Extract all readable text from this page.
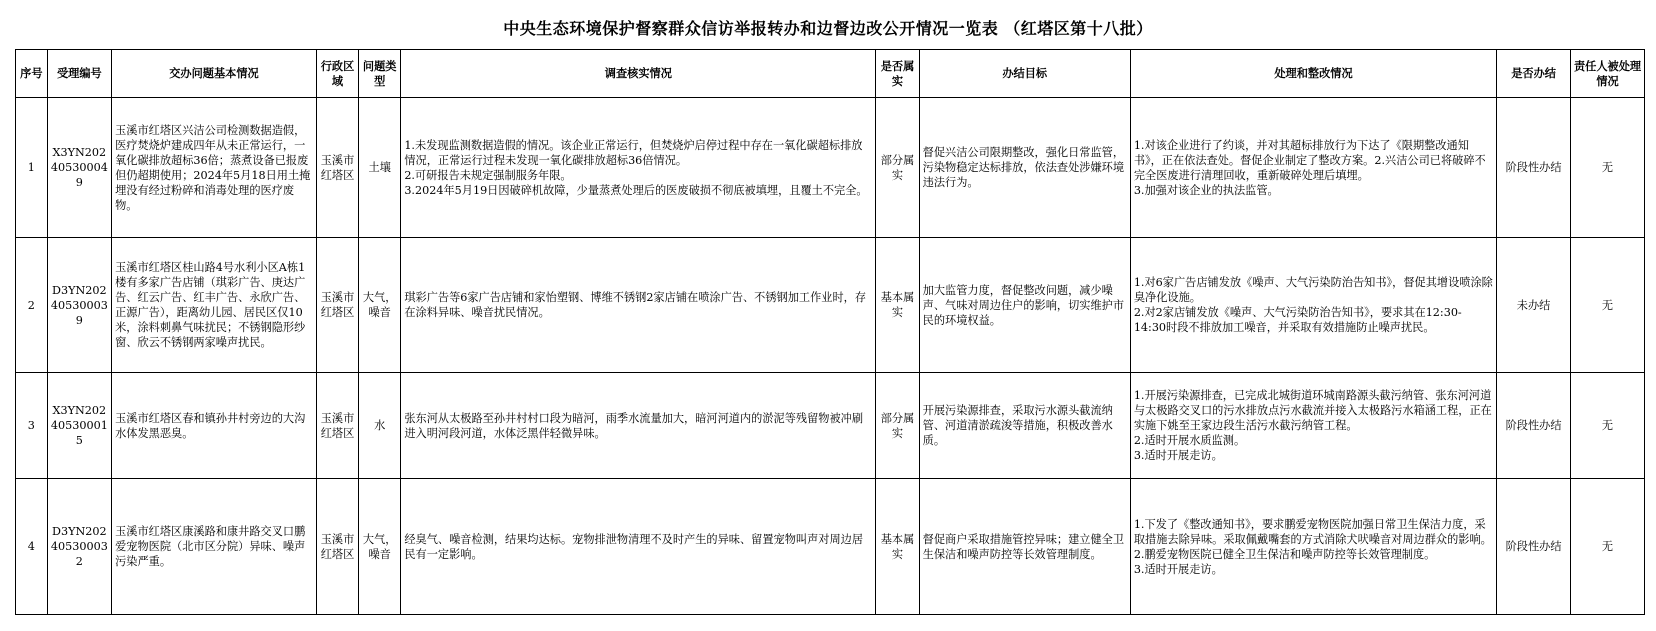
中央生态环境保护督察群众信访举报转办和边督边改公开情况一览表 （红塔区第十八批）
序号	受理编号	交办问题基本情况	行政区域	问题类型	调查核实情况	是否属实	办结目标	处理和整改情况	是否办结	责任人被处理情况
1	X3YN202405300049	玉溪市红塔区兴洁公司检测数据造假，医疗焚烧炉建成四年从未正常运行，一氧化碳排放超标36倍；蒸煮设备已报废但仍超期使用；2024年5月18日用土掩埋没有经过粉碎和消毒处理的医疗废物。	玉溪市红塔区	土壤	1.未发现监测数据造假的情况。该企业正常运行，但焚烧炉启停过程中存在一氧化碳超标排放情况，正常运行过程未发现一氧化碳排放超标36倍情况。
2.可研报告未规定强制服务年限。
3.2024年5月19日因破碎机故障，少量蒸煮处理后的医废破损不彻底被填埋，且覆土不完全。	部分属实	督促兴洁公司限期整改，强化日常监管，污染物稳定达标排放，依法查处涉嫌环境违法行为。	1.对该企业进行了约谈，并对其超标排放行为下达了《限期整改通知书》，正在依法查处。督促企业制定了整改方案。2.兴洁公司已将破碎不完全医废进行清理回收，重新破碎处理后填埋。
3.加强对该企业的执法监管。	阶段性办结	无
2	D3YN202405300039	玉溪市红塔区桂山路4号水利小区A栋1楼有多家广告店铺（琪彩广告、庚达广告、红云广告、红丰广告、永欣广告、正源广告），距离幼儿园、居民区仅10米，涂料刺鼻气味扰民；不锈钢隐形纱窗、欣云不锈钢两家噪声扰民。	玉溪市红塔区	大气，噪音	琪彩广告等6家广告店铺和家怡塑钢、博维不锈钢2家店铺在喷涂广告、不锈钢加工作业时，存在涂料异味、噪音扰民情况。	基本属实	加大监管力度，督促整改问题，减少噪声、气味对周边住户的影响，切实维护市民的环境权益。	1.对6家广告店铺发放《噪声、大气污染防治告知书》，督促其增设喷涂除臭净化设施。
2.对2家店铺发放《噪声、大气污染防治告知书》，要求其在12:30-14:30时段不排放加工噪音，并采取有效措施防止噪声扰民。	未办结	无
3	X3YN202405300015	玉溪市红塔区春和镇孙井村旁边的大沟水体发黑恶臭。	玉溪市红塔区	水	张东河从太极路至孙井村村口段为暗河，雨季水流量加大，暗河河道内的淤泥等残留物被冲刷进入明河段河道，水体泛黑伴轻微异味。	部分属实	开展污染源排查，采取污水源头截流纳管、河道清淤疏浚等措施，积极改善水质。	1.开展污染源排查，已完成北城街道环城南路源头截污纳管、张东河河道与太极路交叉口的污水排放点污水截流并接入太极路污水箱涵工程，正在实施下姚至王家边段生活污水截污纳管工程。
2.适时开展水质监测。
3.适时开展走访。	阶段性办结	无
4	D3YN202405300032	玉溪市红塔区康溪路和康井路交叉口鹏爱宠物医院（北市区分院）异味、噪声污染严重。	玉溪市红塔区	大气，噪音	经臭气、噪音检测，结果均达标。宠物排泄物清理不及时产生的异味、留置宠物叫声对周边居民有一定影响。	基本属实	督促商户采取措施管控异味；建立健全卫生保洁和噪声防控等长效管理制度。	1.下发了《整改通知书》，要求鹏爱宠物医院加强日常卫生保洁力度，采取措施去除异味。采取佩戴嘴套的方式消除犬吠噪音对周边群众的影响。
2.鹏爱宠物医院已健全卫生保洁和噪声防控等长效管理制度。
3.适时开展走访。	阶段性办结	无
